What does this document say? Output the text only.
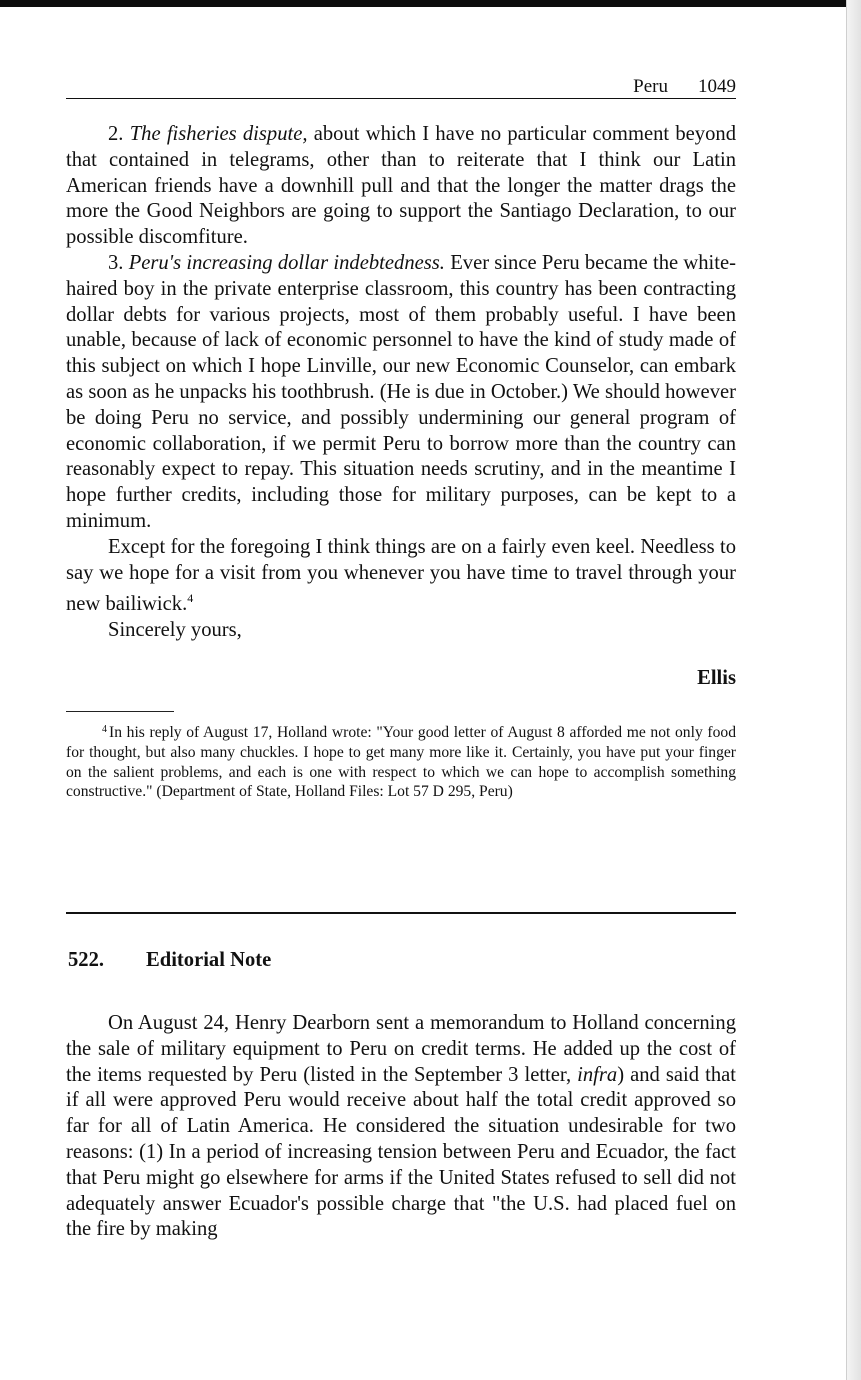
Peru 1049

2. The fisheries dispute, about which I have no particular comment beyond that contained in telegrams, other than to reiterate that I think our Latin American friends have a downhill pull and that the longer the matter drags the more the Good Neighbors are going to support the Santiago Declaration, to our possible discomfiture.

3. Peru's increasing dollar indebtedness. Ever since Peru became the white-haired boy in the private enterprise classroom, this country has been contracting dollar debts for various projects, most of them probably useful. I have been unable, because of lack of economic personnel to have the kind of study made of this subject on which I hope Linville, our new Economic Counselor, can embark as soon as he unpacks his toothbrush. (He is due in October.) We should however be doing Peru no service, and possibly undermining our general program of economic collaboration, if we permit Peru to borrow more than the country can reasonably expect to repay. This situation needs scrutiny, and in the meantime I hope further credits, including those for military purposes, can be kept to a minimum.

Except for the foregoing I think things are on a fairly even keel. Needless to say we hope for a visit from you whenever you have time to travel through your new bailiwick.$^4$

Sincerely yours,

Ellis

$^4$ In his reply of August 17, Holland wrote: "Your good letter of August 8 afforded me not only food for thought, but also many chuckles. I hope to get many more like it. Certainly, you have put your finger on the salient problems, and each is one with respect to which we can hope to accomplish something constructive." (Department of State, Holland Files: Lot 57 D 295, Peru)

522. Editorial Note

On August 24, Henry Dearborn sent a memorandum to Holland concerning the sale of military equipment to Peru on credit terms. He added up the cost of the items requested by Peru (listed in the September 3 letter, infra) and said that if all were approved Peru would receive about half the total credit approved so far for all of Latin America. He considered the situation undesirable for two reasons: (1) In a period of increasing tension between Peru and Ecuador, the fact that Peru might go elsewhere for arms if the United States refused to sell did not adequately answer Ecuador's possible charge that "the U.S. had placed fuel on the fire by making
